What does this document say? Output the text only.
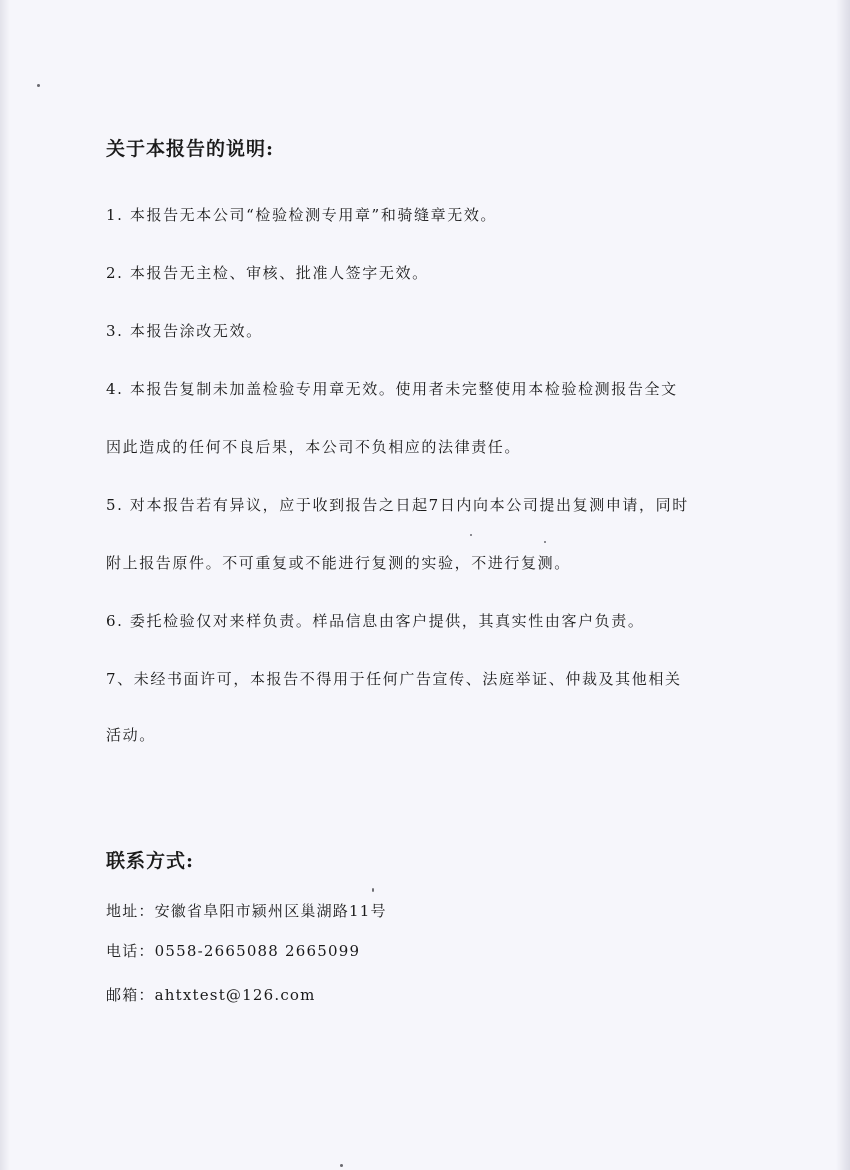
关于本报告的说明:

1. 本报告无本公司“检验检测专用章”和骑缝章无效。

2. 本报告无主检、审核、批准人签字无效。

3. 本报告涂改无效。

4. 本报告复制未加盖检验专用章无效。使用者未完整使用本检验检测报告全文

因此造成的任何不良后果，本公司不负相应的法律责任。

5. 对本报告若有异议，应于收到报告之日起7日内向本公司提出复测申请，同时

附上报告原件。不可重复或不能进行复测的实验，不进行复测。

6. 委托检验仅对来样负责。样品信息由客户提供，其真实性由客户负责。

7、未经书面许可，本报告不得用于任何广告宣传、法庭举证、仲裁及其他相关

活动。

联系方式:

地址：安徽省阜阳市颍州区巢湖路11号

电话：0558-2665088 2665099

邮箱：ahtxtest@126.com
